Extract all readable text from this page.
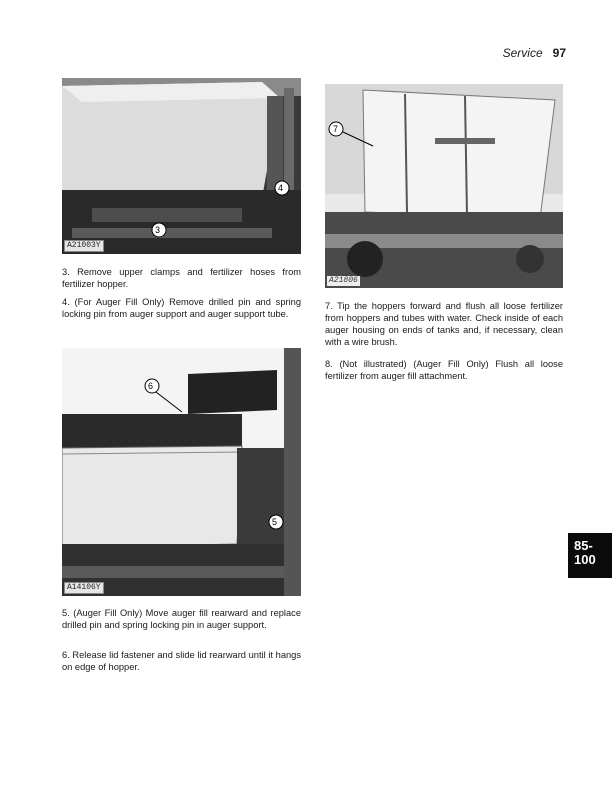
Service 97
A21003Y
3
4
A21806
7
A14106Y
6
5

3. Remove upper clamps and fertilizer hoses from fertilizer hopper.

4. (For Auger Fill Only) Remove drilled pin and spring locking pin from auger support and auger support tube.

7. Tip the hoppers forward and flush all loose fertilizer from hoppers and tubes with water. Check inside of each auger housing on ends of tanks and, if necessary, clean with a wire brush.

8. (Not illustrated) (Auger Fill Only) Flush all loose fertilizer from auger fill attachment.

5. (Auger Fill Only) Move auger fill rearward and replace drilled pin and spring locking pin in auger support.

6. Release lid fastener and slide lid rearward until it hangs on edge of hopper.

85-
100
